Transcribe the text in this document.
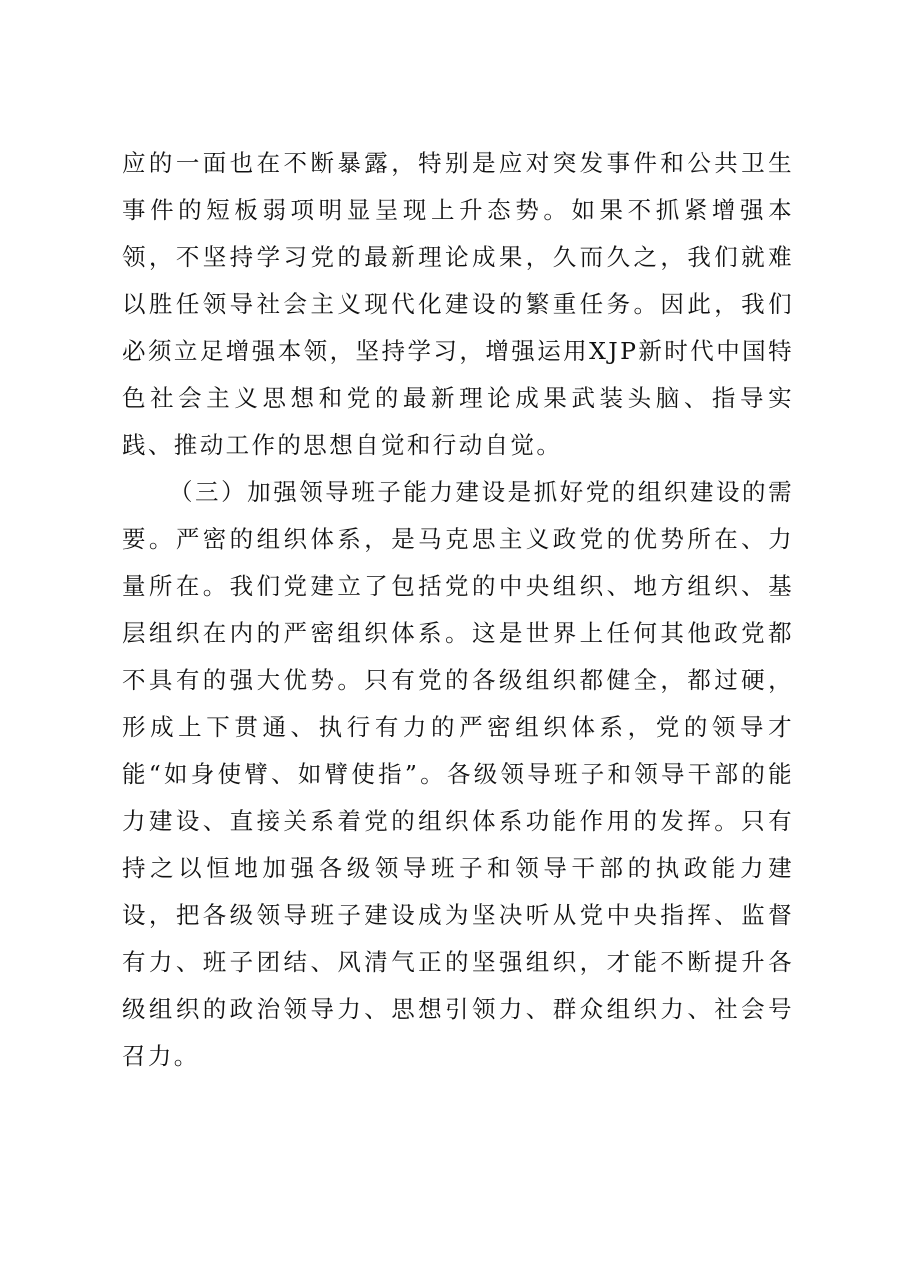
应的一面也在不断暴露，特别是应对突发事件和公共卫生事件的短板弱项明显呈现上升态势。如果不抓紧增强本领，不坚持学习党的最新理论成果，久而久之，我们就难以胜任领导社会主义现代化建设的繁重任务。因此，我们必须立足增强本领，坚持学习，增强运用XJP新时代中国特色社会主义思想和党的最新理论成果武装头脑、指导实践、推动工作的思想自觉和行动自觉。

（三）加强领导班子能力建设是抓好党的组织建设的需要。严密的组织体系，是马克思主义政党的优势所在、力量所在。我们党建立了包括党的中央组织、地方组织、基层组织在内的严密组织体系。这是世界上任何其他政党都不具有的强大优势。只有党的各级组织都健全，都过硬，形成上下贯通、执行有力的严密组织体系，党的领导才能“如身使臂、如臂使指”。各级领导班子和领导干部的能力建设、直接关系着党的组织体系功能作用的发挥。只有持之以恒地加强各级领导班子和领导干部的执政能力建设，把各级领导班子建设成为坚决听从党中央指挥、监督有力、班子团结、风清气正的坚强组织，才能不断提升各级组织的政治领导力、思想引领力、群众组织力、社会号召力。
